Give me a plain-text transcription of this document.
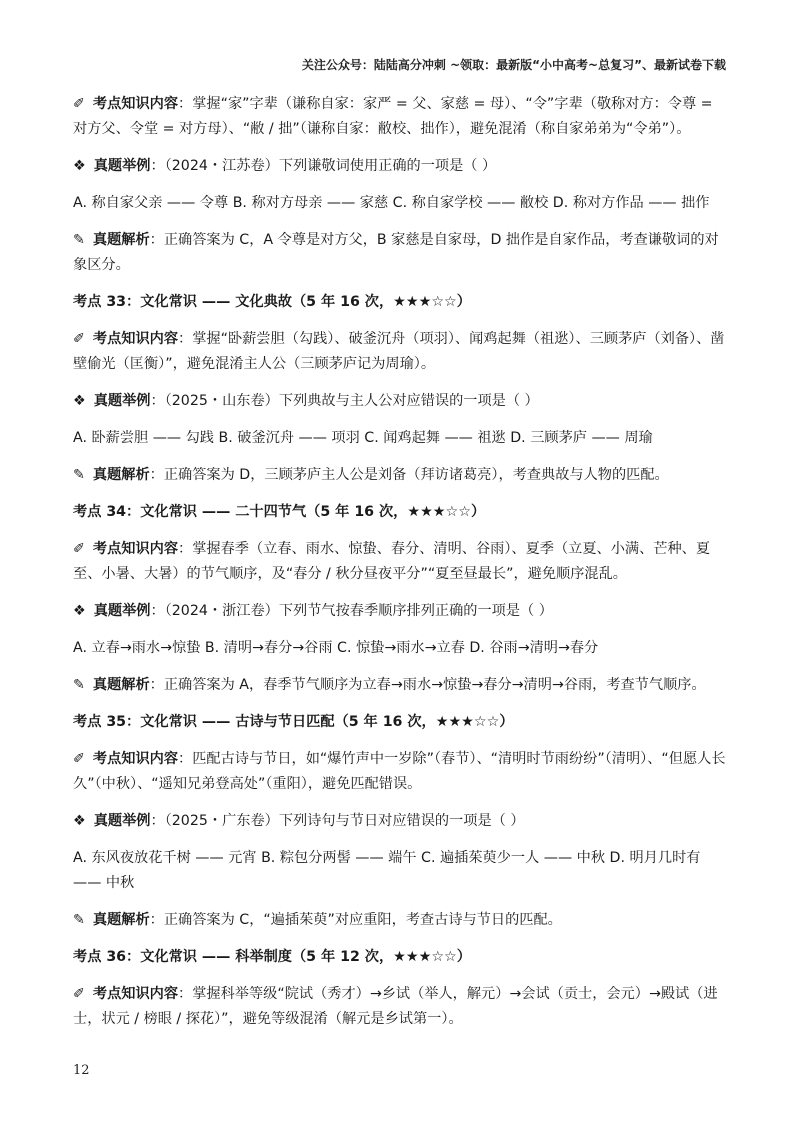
关注公众号：陆陆高分冲刺 ~领取：最新版“小中高考~总复习”、最新试卷下载
✐ 考点知识内容：掌握“家”字辈（谦称自家：家严 = 父、家慈 = 母）、“令”字辈（敬称对方：令尊 = 对方父、令堂 = 对方母）、“敝 / 拙”（谦称自家：敝校、拙作），避免混淆（称自家弟弟为“令弟”）。
❖ 真题举例：（2024・江苏卷）下列谦敬词使用正确的一项是（ ）
A. 称自家父亲 —— 令尊 B. 称对方母亲 —— 家慈 C. 称自家学校 —— 敝校 D. 称对方作品 —— 拙作
✎ 真题解析：正确答案为 C，A 令尊是对方父，B 家慈是自家母，D 拙作是自家作品，考查谦敬词的对象区分。
考点 33：文化常识 —— 文化典故（5 年 16 次，★★★☆☆）
✐ 考点知识内容：掌握“卧薪尝胆（勾践）、破釜沉舟（项羽）、闻鸡起舞（祖逖）、三顾茅庐（刘备）、凿壁偷光（匡衡）”，避免混淆主人公（三顾茅庐记为周瑜）。
❖ 真题举例：（2025・山东卷）下列典故与主人公对应错误的一项是（ ）
A. 卧薪尝胆 —— 勾践 B. 破釜沉舟 —— 项羽 C. 闻鸡起舞 —— 祖逖 D. 三顾茅庐 —— 周瑜
✎ 真题解析：正确答案为 D，三顾茅庐主人公是刘备（拜访诸葛亮），考查典故与人物的匹配。
考点 34：文化常识 —— 二十四节气（5 年 16 次，★★★☆☆）
✐ 考点知识内容：掌握春季（立春、雨水、惊蛰、春分、清明、谷雨）、夏季（立夏、小满、芒种、夏至、小暑、大暑）的节气顺序，及“春分 / 秋分昼夜平分”“夏至昼最长”，避免顺序混乱。
❖ 真题举例：（2024・浙江卷）下列节气按春季顺序排列正确的一项是（ ）
A. 立春→雨水→惊蛰 B. 清明→春分→谷雨 C. 惊蛰→雨水→立春 D. 谷雨→清明→春分
✎ 真题解析：正确答案为 A，春季节气顺序为立春→雨水→惊蛰→春分→清明→谷雨，考查节气顺序。
考点 35：文化常识 —— 古诗与节日匹配（5 年 16 次，★★★☆☆）
✐ 考点知识内容：匹配古诗与节日，如“爆竹声中一岁除”（春节）、“清明时节雨纷纷”（清明）、“但愿人长久”（中秋）、“遥知兄弟登高处”（重阳），避免匹配错误。
❖ 真题举例：（2025・广东卷）下列诗句与节日对应错误的一项是（ ）
A. 东风夜放花千树 —— 元宵 B. 粽包分两髻 —— 端午 C. 遍插茱萸少一人 —— 中秋 D. 明月几时有 —— 中秋
✎ 真题解析：正确答案为 C，“遍插茱萸”对应重阳，考查古诗与节日的匹配。
考点 36：文化常识 —— 科举制度（5 年 12 次，★★★☆☆）
✐ 考点知识内容：掌握科举等级“院试（秀才）→乡试（举人，解元）→会试（贡士，会元）→殿试（进士，状元 / 榜眼 / 探花）”，避免等级混淆（解元是乡试第一）。
12
